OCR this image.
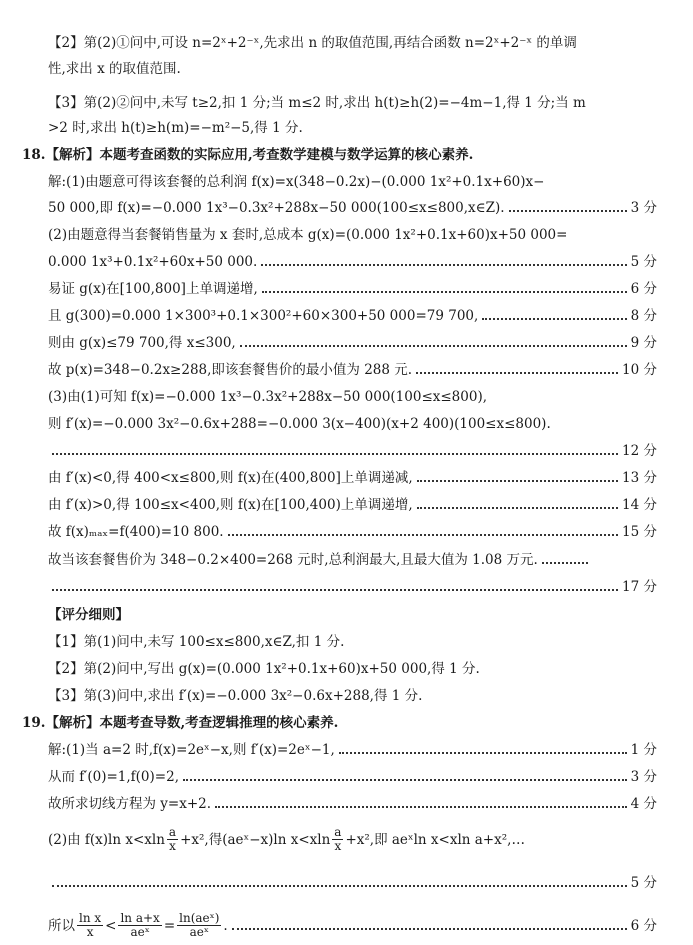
【2】第(2)①问中,可设 n=2ˣ+2⁻ˣ,先求出 n 的取值范围,再结合函数 n=2ˣ+2⁻ˣ 的单调
性,求出 x 的取值范围.
【3】第(2)②问中,未写 t≥2,扣 1 分;当 m≤2 时,求出 h(t)≥h(2)=−4m−1,得 1 分;当 m
>2 时,求出 h(t)≥h(m)=−m²−5,得 1 分.
18.【解析】本题考查函数的实际应用,考查数学建模与数学运算的核心素养.
解:(1)由题意可得该套餐的总利润 f(x)=x(348−0.2x)−(0.000 1x²+0.1x+60)x−
50 000,即 f(x)=−0.000 1x³−0.3x²+288x−50 000(100≤x≤800,x∈Z).	3 分
(2)由题意得当套餐销售量为 x 套时,总成本 g(x)=(0.000 1x²+0.1x+60)x+50 000=
0.000 1x³+0.1x²+60x+50 000.	5 分
易证 g(x)在[100,800]上单调递增,	6 分
且 g(300)=0.000 1×300³+0.1×300²+60×300+50 000=79 700,	8 分
则由 g(x)≤79 700,得 x≤300,	9 分
故 p(x)=348−0.2x≥288,即该套餐售价的最小值为 288 元.	10 分
(3)由(1)可知 f(x)=−0.000 1x³−0.3x²+288x−50 000(100≤x≤800),
则 f′(x)=−0.000 3x²−0.6x+288=−0.000 3(x−400)(x+2 400)(100≤x≤800).
12 分
由 f′(x)<0,得 400<x≤800,则 f(x)在(400,800]上单调递减,	13 分
由 f′(x)>0,得 100≤x<400,则 f(x)在[100,400)上单调递增,	14 分
故 f(x)ₘₐₓ=f(400)=10 800.	15 分
故当该套餐售价为 348−0.2×400=268 元时,总利润最大,且最大值为 1.08 万元.
17 分
【评分细则】
【1】第(1)问中,未写 100≤x≤800,x∈Z,扣 1 分.
【2】第(2)问中,写出 g(x)=(0.000 1x²+0.1x+60)x+50 000,得 1 分.
【3】第(3)问中,求出 f′(x)=−0.000 3x²−0.6x+288,得 1 分.
19.【解析】本题考查导数,考查逻辑推理的核心素养.
解:(1)当 a=2 时,f(x)=2eˣ−x,则 f′(x)=2eˣ−1,	1 分
从而 f′(0)=1,f(0)=2,	3 分
故所求切线方程为 y=x+2.	4 分
(2)由 f(x)ln $x<xln \frac{a}{x} +x^2$,得(aeˣ−x)ln $x<xln \frac{a}{x} +x^2$,即 aeˣln x<xln a+x²,…
5 分
所以 $\frac{\text{ln x}}{x} < \frac{\text{ln a+x}}{\text{aeˣ}} = \frac{\text{ln(aeˣ)}}{\text{aeˣ}}$ .	6 分
